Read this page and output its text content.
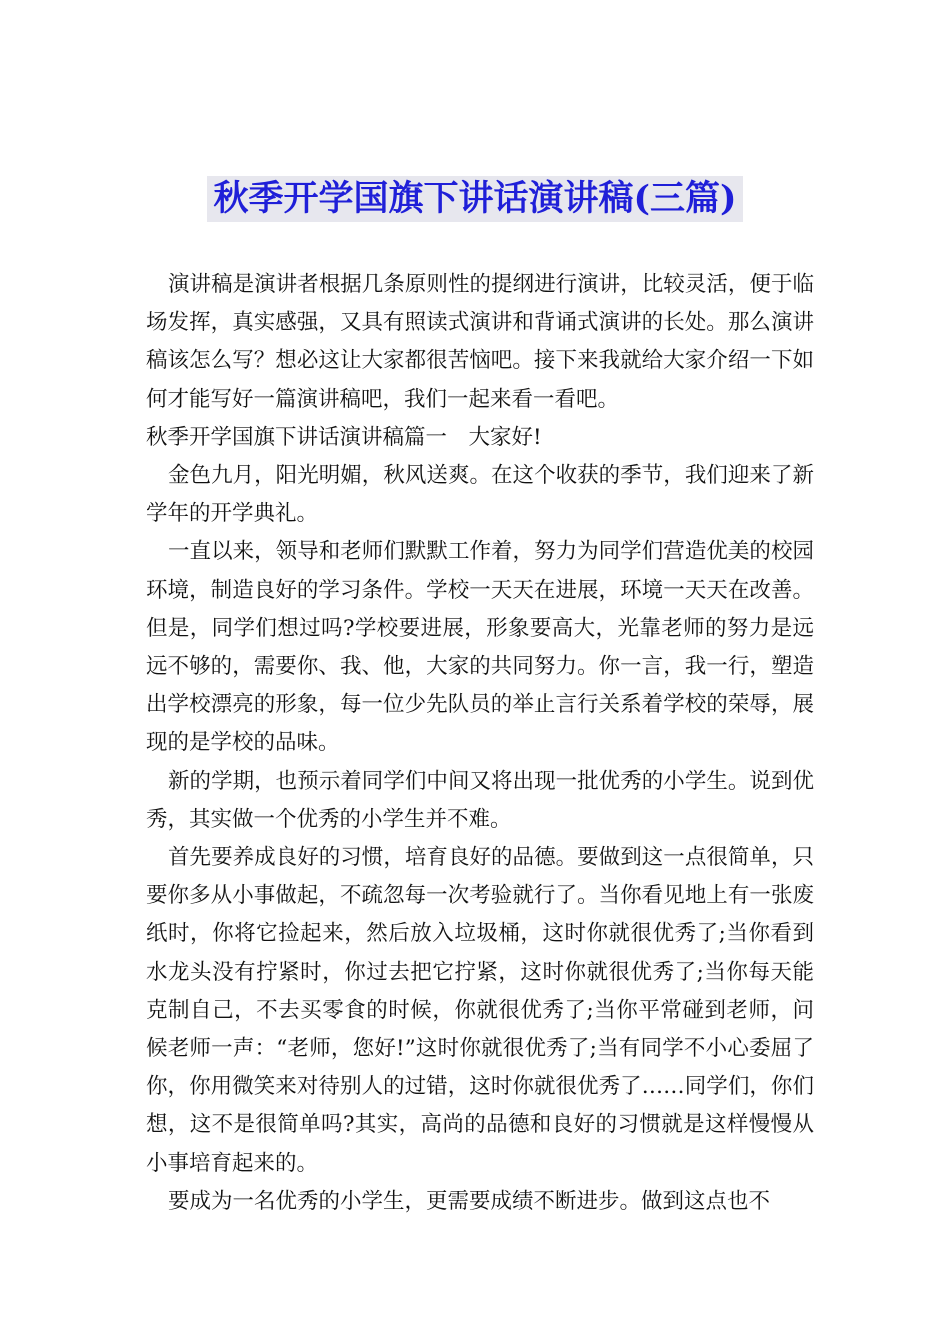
秋季开学国旗下讲话演讲稿(三篇)

演讲稿是演讲者根据几条原则性的提纲进行演讲，比较灵活，便于临场发挥，真实感强，又具有照读式演讲和背诵式演讲的长处。那么演讲稿该怎么写？想必这让大家都很苦恼吧。接下来我就给大家介绍一下如何才能写好一篇演讲稿吧，我们一起来看一看吧。

秋季开学国旗下讲话演讲稿篇一　大家好!

金色九月，阳光明媚，秋风送爽。在这个收获的季节，我们迎来了新学年的开学典礼。

一直以来，领导和老师们默默工作着，努力为同学们营造优美的校园环境，制造良好的学习条件。学校一天天在进展，环境一天天在改善。但是，同学们想过吗?学校要进展，形象要高大，光靠老师的努力是远远不够的，需要你、我、他，大家的共同努力。你一言，我一行，塑造出学校漂亮的形象，每一位少先队员的举止言行关系着学校的荣辱，展现的是学校的品味。

新的学期，也预示着同学们中间又将出现一批优秀的小学生。说到优秀，其实做一个优秀的小学生并不难。

首先要养成良好的习惯，培育良好的品德。要做到这一点很简单，只要你多从小事做起，不疏忽每一次考验就行了。当你看见地上有一张废纸时，你将它捡起来，然后放入垃圾桶，这时你就很优秀了;当你看到水龙头没有拧紧时，你过去把它拧紧，这时你就很优秀了;当你每天能克制自己，不去买零食的时候，你就很优秀了;当你平常碰到老师，问候老师一声：“老师，您好!”这时你就很优秀了;当有同学不小心委屈了你，你用微笑来对待别人的过错，这时你就很优秀了……同学们，你们想，这不是很简单吗?其实，高尚的品德和良好的习惯就是这样慢慢从小事培育起来的。

要成为一名优秀的小学生，更需要成绩不断进步。做到这点也不
